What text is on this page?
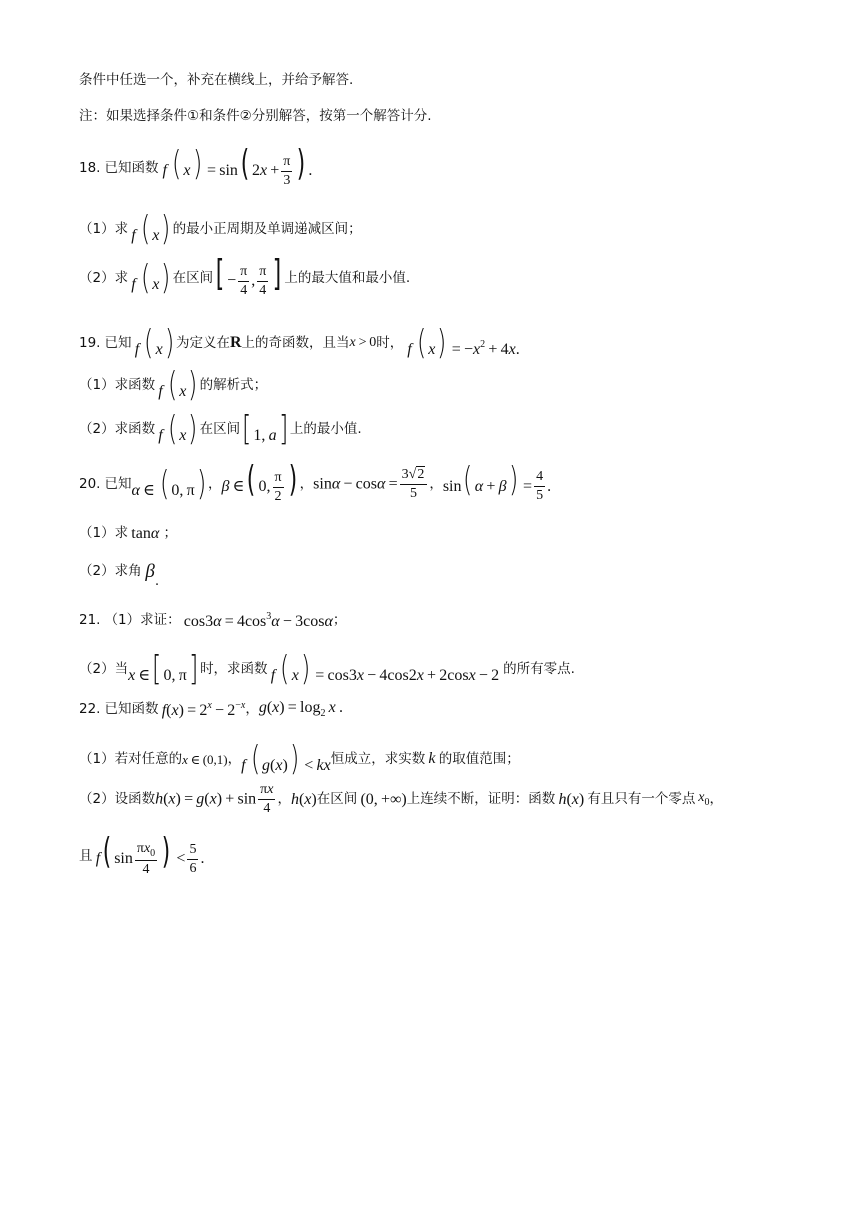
条件中任选一个，补充在横线上，并给予解答.
注：如果选择条件①和条件②分别解答，按第一个解答计分.
18. 已知函数 f  ( x) = sin( $2x + \frac{\pi}{3}$ ) .
（1）求
  f  ( x) 的最小正周期及单调递减区间；
（2）求
  f  ( x) 在区间 [ − $\frac{\pi}{4}$ , $\frac{\pi}{4}$ ] 上的最大值和最小值.
19. 已知
  f  ( x) 为定义在 R 上的奇函数，且当 x > 0 时， f  ( $x) = -x^2 + 4x$.
（1）求函数
  f  ( x) 的解析式；
（2）求函数
  f  ( x) 在区间 [ 1, a] 上的最小值.
20. 已知 α ∈ ( 0, π) ， β ∈( 0, $\frac{\pi}{2}$ ) ， $\sin\alpha - \cos\alpha = \frac{3√2}{5}$ ， sin( $\alpha + \beta) = \frac{4}{5}$ .
（1）求  tanα ；
（2）求角
  β .
21. （1）求证：  $\cos 3\alpha = 4\cos^3\alpha - 3\cos\alpha$ ；
（2）当 x ∈[ 0, π] 时，求函数
  f  ( x) = cos3x − 4cos2x + 2cosx − 2 的所有零点.
22. 已知函数
  $f(x) = 2^x - 2^{-x}$ ， $g(x) = \log_2 x$ .
（1）若对任意的 x ∈ (0,1) ， f  ( g(x)) < kx 恒成立，求实数
  k  的取值范围；
（2）设函数 $h(x) = g(x) + \sin \frac{\pi x}{4}$ ， h(x) 在区间  (0, +∞) 上连续不断，证明：函数
  h(x)  有且只有一个零点
  $x_0$ ，
且
  f( $\sin \frac{\pi x_0}{4}$ ) < $\frac{5}{6}$ .
